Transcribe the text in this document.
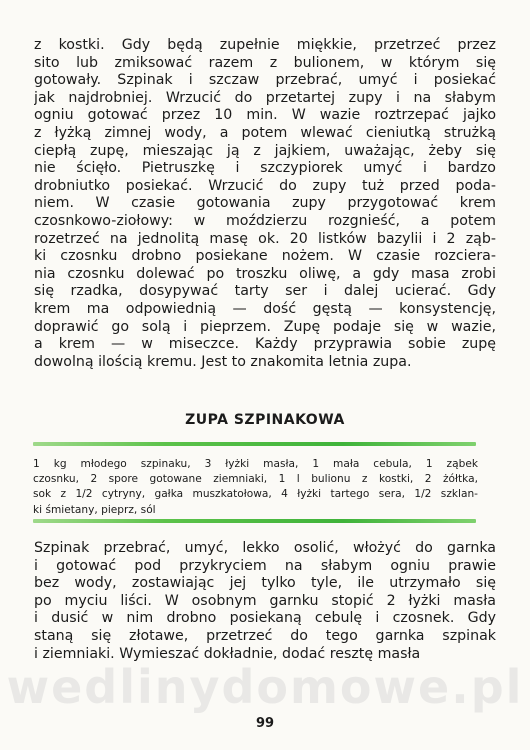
wedlinydomowe.pl
z kostki. Gdy będą zupełnie miękkie, przetrzeć przez
sito lub zmiksować razem z bulionem, w którym się
gotowały. Szpinak i szczaw przebrać, umyć i posiekać
jak najdrobniej. Wrzucić do przetartej zupy i na słabym
ogniu gotować przez 10 min. W wazie roztrzepać jajko
z łyżką zimnej wody, a potem wlewać cieniutką strużką
ciepłą zupę, mieszając ją z jajkiem, uważając, żeby się
nie ścięło. Pietruszkę i szczypiorek umyć i bardzo
drobniutko posiekać. Wrzucić do zupy tuż przed poda-
niem. W czasie gotowania zupy przygotować krem
czosnkowo-ziołowy: w moździerzu rozgnieść, a potem
rozetrzeć na jednolitą masę ok. 20 listków bazylii i 2 ząb-
ki czosnku drobno posiekane nożem. W czasie rozciera-
nia czosnku dolewać po troszku oliwę, a gdy masa zrobi
się rzadka, dosypywać tarty ser i dalej ucierać. Gdy
krem ma odpowiednią — dość gęstą — konsystencję,
doprawić go solą i pieprzem. Zupę podaje się w wazie,
a krem — w miseczce. Każdy przyprawia sobie zupę
dowolną ilością kremu. Jest to znakomita letnia zupa.
ZUPA SZPINAKOWA
1 kg młodego szpinaku, 3 łyżki masła, 1 mała cebula, 1 ząbek
czosnku, 2 spore gotowane ziemniaki, 1 l bulionu z kostki, 2 żółtka,
sok z 1/2 cytryny, gałka muszkatołowa, 4 łyżki tartego sera, 1/2 szklan-
ki śmietany, pieprz, sól
Szpinak przebrać, umyć, lekko osolić, włożyć do garnka
i gotować pod przykryciem na słabym ogniu prawie
bez wody, zostawiając jej tylko tyle, ile utrzymało się
po myciu liści. W osobnym garnku stopić 2 łyżki masła
i dusić w nim drobno posiekaną cebulę i czosnek. Gdy
staną się złotawe, przetrzeć do tego garnka szpinak
i ziemniaki. Wymieszać dokładnie, dodać resztę masła
99
